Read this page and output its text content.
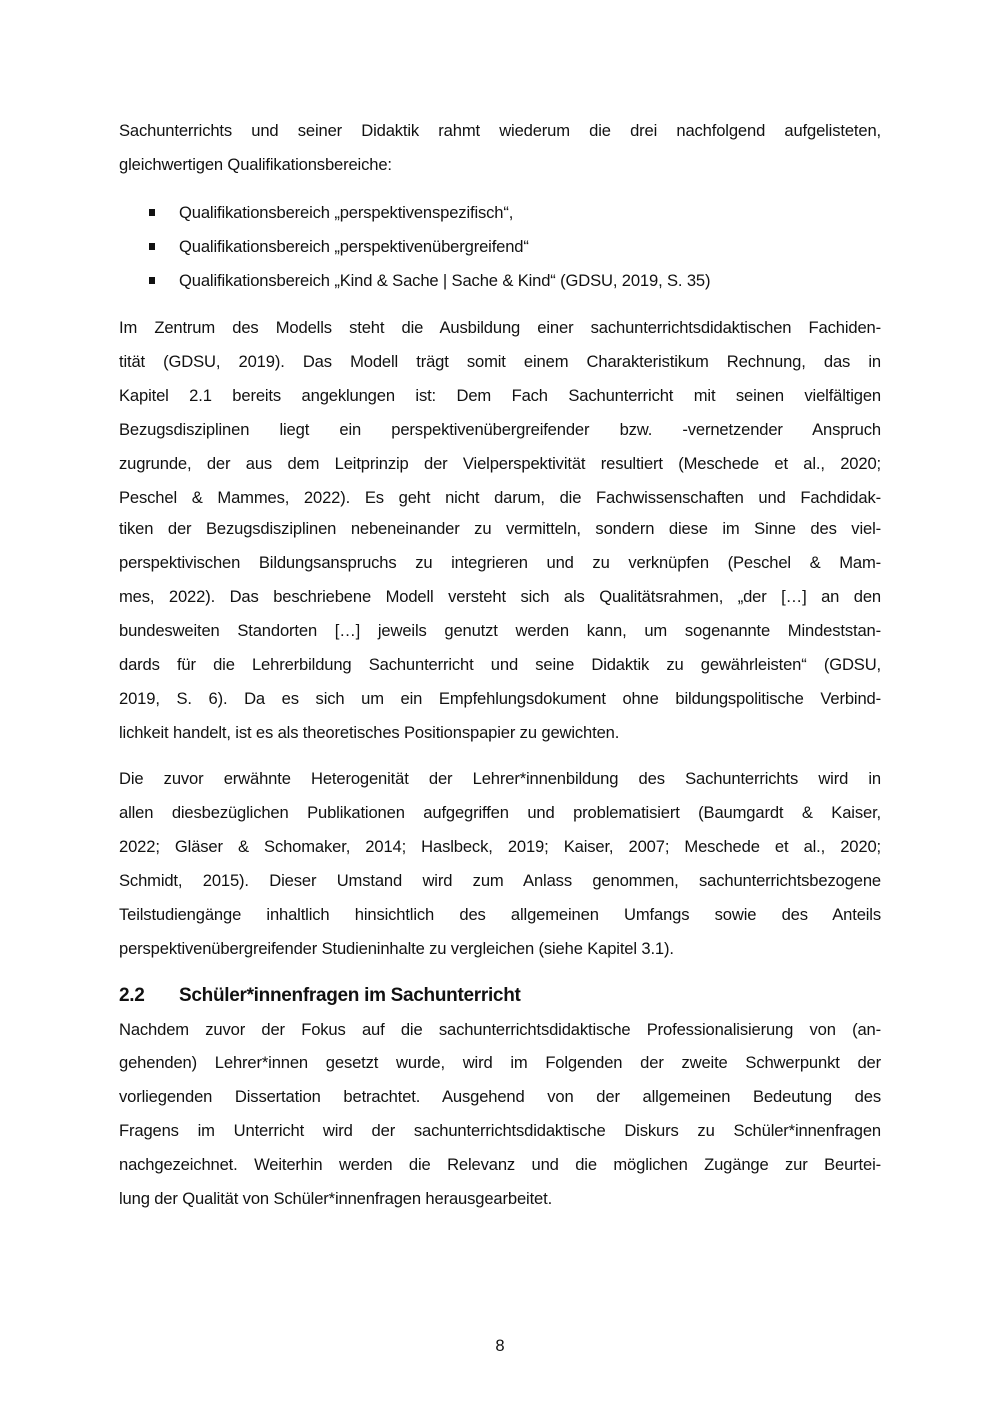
Sachunterrichts und seiner Didaktik rahmt wiederum die drei nachfolgend aufgelisteten,
gleichwertigen Qualifikationsbereiche:
Qualifikationsbereich „perspektivenspezifisch“,
Qualifikationsbereich „perspektivenübergreifend“
Qualifikationsbereich „Kind & Sache | Sache & Kind“ (GDSU, 2019, S. 35)
Im Zentrum des Modells steht die Ausbildung einer sachunterrichtsdidaktischen Fachiden-
tität (GDSU, 2019). Das Modell trägt somit einem Charakteristikum Rechnung, das in
Kapitel 2.1 bereits angeklungen ist: Dem Fach Sachunterricht mit seinen vielfältigen
Bezugsdisziplinen liegt ein perspektivenübergreifender bzw. -vernetzender Anspruch
zugrunde, der aus dem Leitprinzip der Vielperspektivität resultiert (Meschede et al., 2020;
Peschel & Mammes, 2022). Es geht nicht darum, die Fachwissenschaften und Fachdidak-
tiken der Bezugsdisziplinen nebeneinander zu vermitteln, sondern diese im Sinne des viel-
perspektivischen Bildungsanspruchs zu integrieren und zu verknüpfen (Peschel & Mam-
mes, 2022). Das beschriebene Modell versteht sich als Qualitätsrahmen, „der […] an den
bundesweiten Standorten […] jeweils genutzt werden kann, um sogenannte Mindeststan-
dards für die Lehrerbildung Sachunterricht und seine Didaktik zu gewährleisten“ (GDSU,
2019, S. 6). Da es sich um ein Empfehlungsdokument ohne bildungspolitische Verbind-
lichkeit handelt, ist es als theoretisches Positionspapier zu gewichten.
Die zuvor erwähnte Heterogenität der Lehrer*innenbildung des Sachunterrichts wird in
allen diesbezüglichen Publikationen aufgegriffen und problematisiert (Baumgardt & Kaiser,
2022; Gläser & Schomaker, 2014; Haslbeck, 2019; Kaiser, 2007; Meschede et al., 2020;
Schmidt, 2015). Dieser Umstand wird zum Anlass genommen, sachunterrichtsbezogene
Teilstudiengänge inhaltlich hinsichtlich des allgemeinen Umfangs sowie des Anteils
perspektivenübergreifender Studieninhalte zu vergleichen (siehe Kapitel 3.1).
2.2 Schüler*innenfragen im Sachunterricht
Nachdem zuvor der Fokus auf die sachunterrichtsdidaktische Professionalisierung von (an-
gehenden) Lehrer*innen gesetzt wurde, wird im Folgenden der zweite Schwerpunkt der
vorliegenden Dissertation betrachtet. Ausgehend von der allgemeinen Bedeutung des
Fragens im Unterricht wird der sachunterrichtsdidaktische Diskurs zu Schüler*innenfragen
nachgezeichnet. Weiterhin werden die Relevanz und die möglichen Zugänge zur Beurtei-
lung der Qualität von Schüler*innenfragen herausgearbeitet.
8
